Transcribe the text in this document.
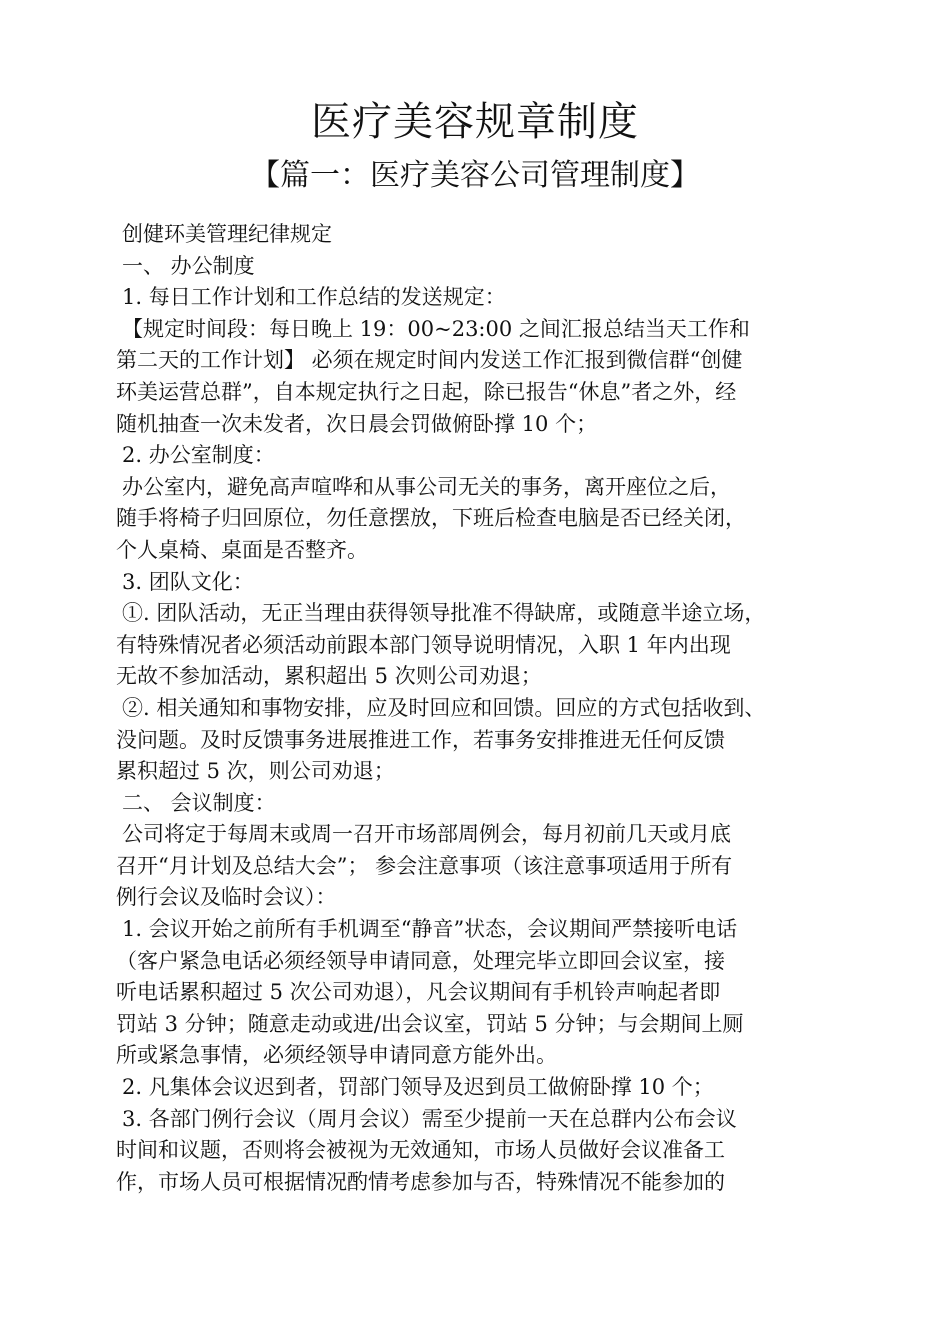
医疗美容规章制度
【篇一：医疗美容公司管理制度】
创健环美管理纪律规定
一、 办公制度
1. 每日工作计划和工作总结的发送规定：
【规定时间段：每日晚上 19：00~23:00 之间汇报总结当天工作和
第二天的工作计划】 必须在规定时间内发送工作汇报到微信群“创健
环美运营总群”，自本规定执行之日起，除已报告“休息”者之外，经
随机抽查一次未发者，次日晨会罚做俯卧撑 10 个；
2. 办公室制度：
办公室内，避免高声喧哗和从事公司无关的事务，离开座位之后，
随手将椅子归回原位，勿任意摆放，下班后检查电脑是否已经关闭，
个人桌椅、桌面是否整齐。
3. 团队文化：
①. 团队活动，无正当理由获得领导批准不得缺席，或随意半途立场，
有特殊情况者必须活动前跟本部门领导说明情况，入职 1 年内出现
无故不参加活动，累积超出 5 次则公司劝退；
②. 相关通知和事物安排，应及时回应和回馈。回应的方式包括收到、
没问题。及时反馈事务进展推进工作，若事务安排推进无任何反馈
累积超过 5 次，则公司劝退；
二、 会议制度：
公司将定于每周末或周一召开市场部周例会，每月初前几天或月底
召开“月计划及总结大会”； 参会注意事项（该注意事项适用于所有
例行会议及临时会议）：
1. 会议开始之前所有手机调至“静音”状态，会议期间严禁接听电话
（客户紧急电话必须经领导申请同意，处理完毕立即回会议室，接
听电话累积超过 5 次公司劝退），凡会议期间有手机铃声响起者即
罚站 3 分钟；随意走动或进/出会议室，罚站 5 分钟；与会期间上厕
所或紧急事情，必须经领导申请同意方能外出。
2. 凡集体会议迟到者，罚部门领导及迟到员工做俯卧撑 10 个；
3. 各部门例行会议（周月会议）需至少提前一天在总群内公布会议
时间和议题，否则将会被视为无效通知，市场人员做好会议准备工
作，市场人员可根据情况酌情考虑参加与否，特殊情况不能参加的
